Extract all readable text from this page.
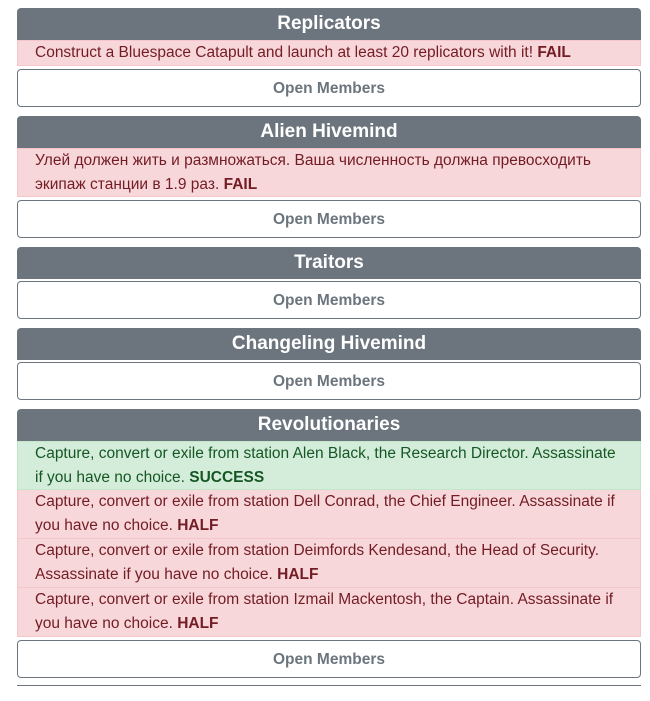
Replicators
Construct a Bluespace Catapult and launch at least 20 replicators with it! FAIL
Open Members
Alien Hivemind
Улей должен жить и размножаться. Ваша численность должна превосходить экипаж станции в 1.9 раз. FAIL
Open Members
Traitors
Open Members
Changeling Hivemind
Open Members
Revolutionaries
Capture, convert or exile from station Alen Black, the Research Director. Assassinate if you have no choice. SUCCESS
Capture, convert or exile from station Dell Conrad, the Chief Engineer. Assassinate if you have no choice. HALF
Capture, convert or exile from station Deimfords Kendesand, the Head of Security. Assassinate if you have no choice. HALF
Capture, convert or exile from station Izmail Mackentosh, the Captain. Assassinate if you have no choice. HALF
Open Members
